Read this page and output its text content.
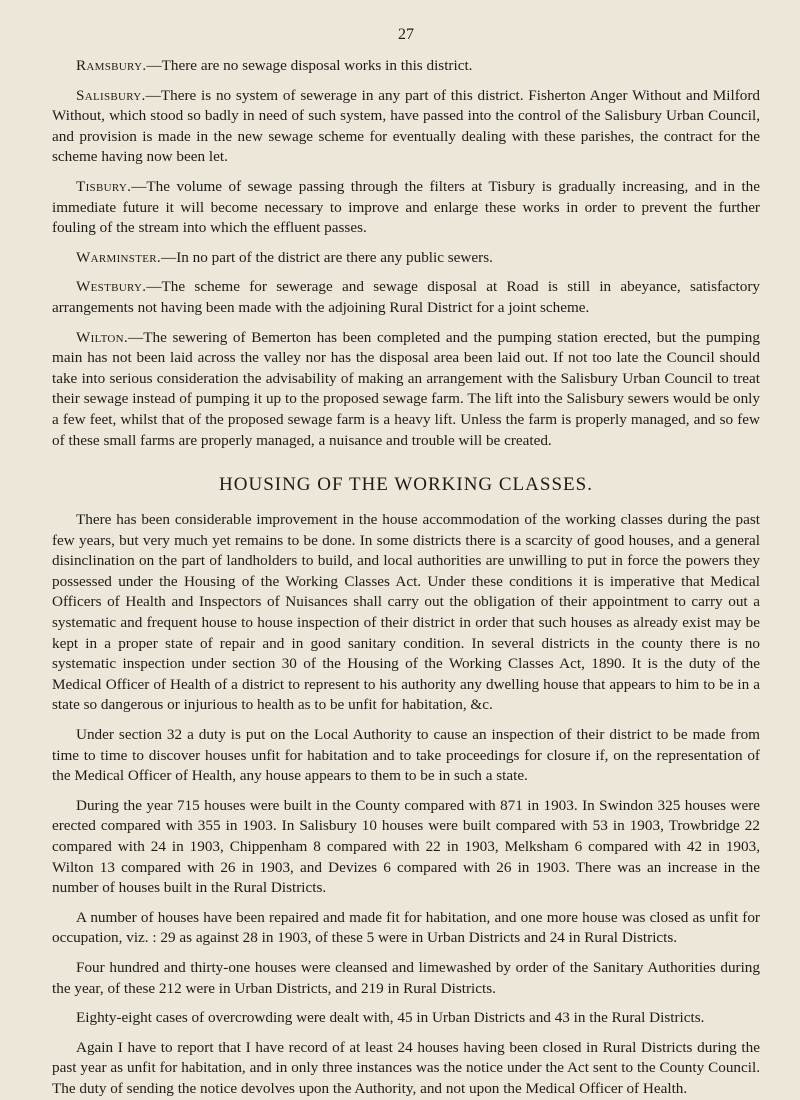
27

Ramsbury.—There are no sewage disposal works in this district.

Salisbury.—There is no system of sewerage in any part of this district. Fisherton Anger Without and Milford Without, which stood so badly in need of such system, have passed into the control of the Salisbury Urban Council, and provision is made in the new sewage scheme for eventually dealing with these parishes, the contract for the scheme having now been let.

Tisbury.—The volume of sewage passing through the filters at Tisbury is gradually increasing, and in the immediate future it will become necessary to improve and enlarge these works in order to prevent the further fouling of the stream into which the effluent passes.

Warminster.—In no part of the district are there any public sewers.

Westbury.—The scheme for sewerage and sewage disposal at Road is still in abeyance, satisfactory arrangements not having been made with the adjoining Rural District for a joint scheme.

Wilton.—The sewering of Bemerton has been completed and the pumping station erected, but the pumping main has not been laid across the valley nor has the disposal area been laid out. If not too late the Council should take into serious consideration the advisability of making an arrangement with the Salisbury Urban Council to treat their sewage instead of pumping it up to the proposed sewage farm. The lift into the Salisbury sewers would be only a few feet, whilst that of the proposed sewage farm is a heavy lift. Unless the farm is properly managed, and so few of these small farms are properly managed, a nuisance and trouble will be created.

HOUSING OF THE WORKING CLASSES.

There has been considerable improvement in the house accommodation of the working classes during the past few years, but very much yet remains to be done. In some districts there is a scarcity of good houses, and a general disinclination on the part of landholders to build, and local authorities are unwilling to put in force the powers they possessed under the Housing of the Working Classes Act. Under these conditions it is imperative that Medical Officers of Health and Inspectors of Nuisances shall carry out the obligation of their appointment to carry out a systematic and frequent house to house inspection of their district in order that such houses as already exist may be kept in a proper state of repair and in good sanitary condition. In several districts in the county there is no systematic inspection under section 30 of the Housing of the Working Classes Act, 1890. It is the duty of the Medical Officer of Health of a district to represent to his authority any dwelling house that appears to him to be in a state so dangerous or injurious to health as to be unfit for habitation, &c.

Under section 32 a duty is put on the Local Authority to cause an inspection of their district to be made from time to time to discover houses unfit for habitation and to take proceedings for closure if, on the representation of the Medical Officer of Health, any house appears to them to be in such a state.

During the year 715 houses were built in the County compared with 871 in 1903. In Swindon 325 houses were erected compared with 355 in 1903. In Salisbury 10 houses were built compared with 53 in 1903, Trowbridge 22 compared with 24 in 1903, Chippenham 8 compared with 22 in 1903, Melksham 6 compared with 42 in 1903, Wilton 13 compared with 26 in 1903, and Devizes 6 compared with 26 in 1903. There was an increase in the number of houses built in the Rural Districts.

A number of houses have been repaired and made fit for habitation, and one more house was closed as unfit for occupation, viz. : 29 as against 28 in 1903, of these 5 were in Urban Districts and 24 in Rural Districts.

Four hundred and thirty-one houses were cleansed and limewashed by order of the Sanitary Authorities during the year, of these 212 were in Urban Districts, and 219 in Rural Districts.

Eighty-eight cases of overcrowding were dealt with, 45 in Urban Districts and 43 in the Rural Districts.

Again I have to report that I have record of at least 24 houses having been closed in Rural Districts during the past year as unfit for habitation, and in only three instances was the notice under the Act sent to the County Council. The duty of sending the notice devolves upon the Authority, and not upon the Medical Officer of Health.
